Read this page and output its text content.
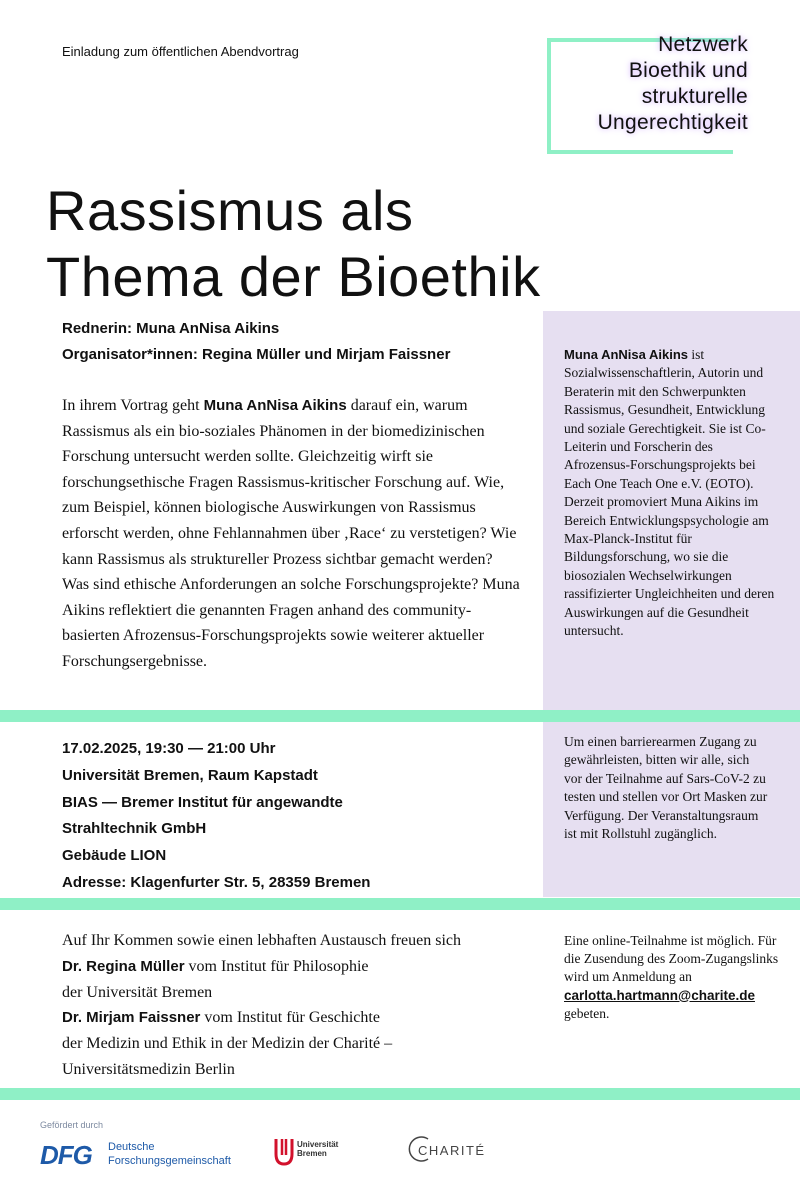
Einladung zum öffentlichen Abendvortrag	Netzwerk
Bioethik und
strukturelle
Ungerechtigkeit
Rassismus als
Thema der Bioethik
Rednerin: Muna AnNisa Aikins
Organisator*innen: Regina Müller und Mirjam Faissner
In ihrem Vortrag geht Muna AnNisa Aikins darauf ein, warum Rassismus als ein bio-soziales Phänomen in der biomedizinischen Forschung untersucht werden sollte. Gleichzeitig wirft sie forschungsethische Fragen Rassismus-kritischer Forschung auf. Wie, zum Beispiel, können biologische Auswirkungen von Rassismus erforscht werden, ohne Fehlannahmen über ‚Race‘ zu verstetigen? Wie kann Rassismus als struktureller Prozess sichtbar gemacht werden? Was sind ethische Anforderungen an solche Forschungsprojekte? Muna Aikins reflektiert die genannten Fragen anhand des community-basierten Afrozensus-Forschungsprojekts sowie weiterer aktueller Forschungsergebnisse.
Muna AnNisa Aikins ist Sozialwissenschaftlerin, Autorin und Beraterin mit den Schwerpunkten Rassismus, Gesundheit, Entwicklung und soziale Gerechtigkeit. Sie ist Co-Leiterin und Forscherin des Afrozensus-Forschungsprojekts bei Each One Teach One e.V. (EOTO). Derzeit promoviert Muna Aikins im Bereich Entwicklungspsychologie am Max-Planck-Institut für Bildungsforschung, wo sie die biosozialen Wechselwirkungen rassifizierter Ungleichheiten und deren Auswirkungen auf die Gesundheit untersucht.
17.02.2025, 19:30 — 21:00 Uhr
Universität Bremen, Raum Kapstadt
BIAS — Bremer Institut für angewandte
Strahltechnik GmbH
Gebäude LION
Adresse: Klagenfurter Str. 5, 28359 Bremen
Um einen barrierearmen Zugang zu gewährleisten, bitten wir alle, sich vor der Teilnahme auf Sars-CoV-2 zu testen und stellen vor Ort Masken zur Verfügung. Der Veranstaltungsraum ist mit Rollstuhl zugänglich.
Auf Ihr Kommen sowie einen lebhaften Austausch freuen sich
Dr. Regina Müller vom Institut für Philosophie
der Universität Bremen
Dr. Mirjam Faissner vom Institut für Geschichte
der Medizin und Ethik in der Medizin der Charité –
Universitätsmedizin Berlin
Eine online-Teilnahme ist möglich. Für die Zusendung des Zoom-Zugangslinks wird um Anmeldung an carlotta.hartmann@charite.de gebeten.
Gefördert durch
DFG Deutsche
Forschungsgemeinschaft
Universität
Bremen	CHARITÉ
